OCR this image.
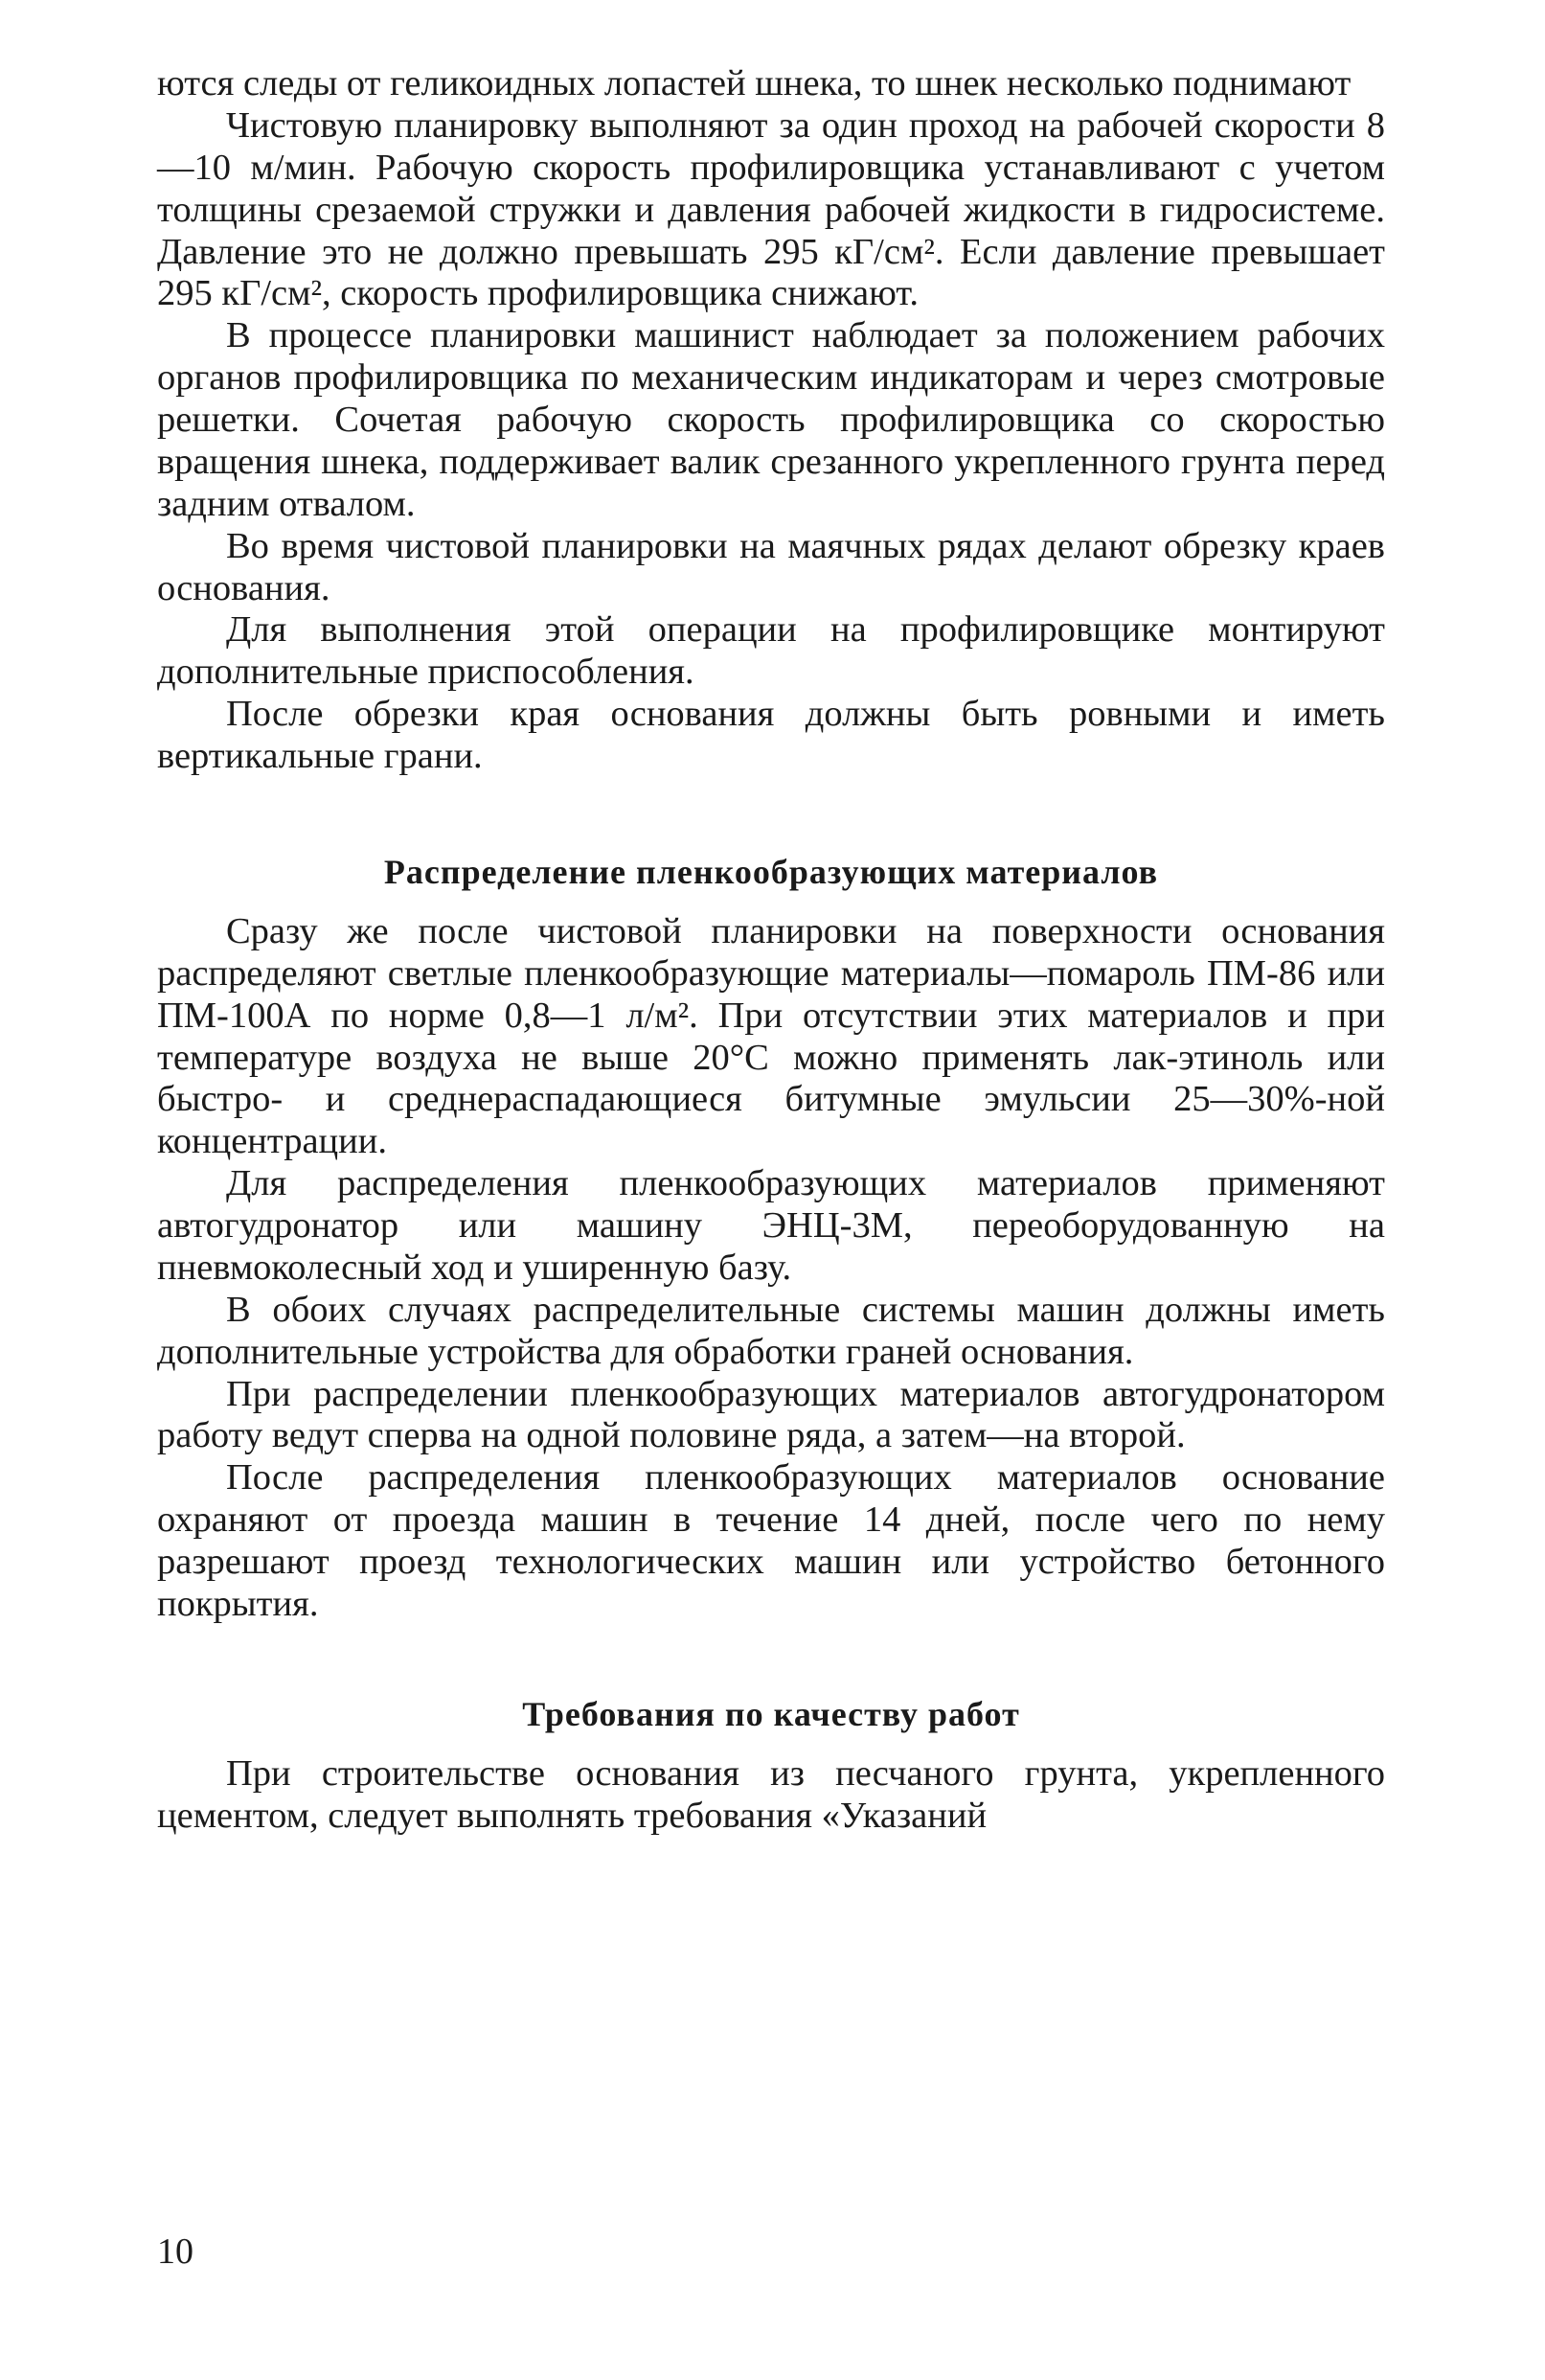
ются следы от геликоидных лопастей шнека, то шнек несколько поднимают

Чистовую планировку выполняют за один проход на рабочей скорости 8—10 м/мин. Рабочую скорость профилировщика устанавливают с учетом толщины срезаемой стружки и давления рабочей жидкости в гидросистеме. Давление это не должно превышать 295 кГ/см². Если давление превышает 295 кГ/см², скорость профилировщика снижают.

В процессе планировки машинист наблюдает за положением рабочих органов профилировщика по механическим индикаторам и через смотровые решетки. Сочетая рабочую скорость профилировщика со скоростью вращения шнека, поддерживает валик срезанного укрепленного грунта перед задним отвалом.

Во время чистовой планировки на маячных рядах делают обрезку краев основания.

Для выполнения этой операции на профилировщике монтируют дополнительные приспособления.

После обрезки края основания должны быть ровными и иметь вертикальные грани.

Распределение пленкообразующих материалов

Сразу же после чистовой планировки на поверхности основания распределяют светлые пленкообразующие материалы—помароль ПМ-86 или ПМ-100А по норме 0,8—1 л/м². При отсутствии этих материалов и при температуре воздуха не выше 20°С можно применять лак-этиноль или быстро- и среднераспадающиеся битумные эмульсии 25—30%-ной концентрации.

Для распределения пленкообразующих материалов применяют автогудронатор или машину ЭНЦ-3М, переоборудованную на пневмоколесный ход и уширенную базу.

В обоих случаях распределительные системы машин должны иметь дополнительные устройства для обработки граней основания.

При распределении пленкообразующих материалов автогудронатором работу ведут сперва на одной половине ряда, а затем—на второй.

После распределения пленкообразующих материалов основание охраняют от проезда машин в течение 14 дней, после чего по нему разрешают проезд технологических машин или устройство бетонного покрытия.

Требования по качеству работ

При строительстве основания из песчаного грунта, укрепленного цементом, следует выполнять требования «Указаний

10
